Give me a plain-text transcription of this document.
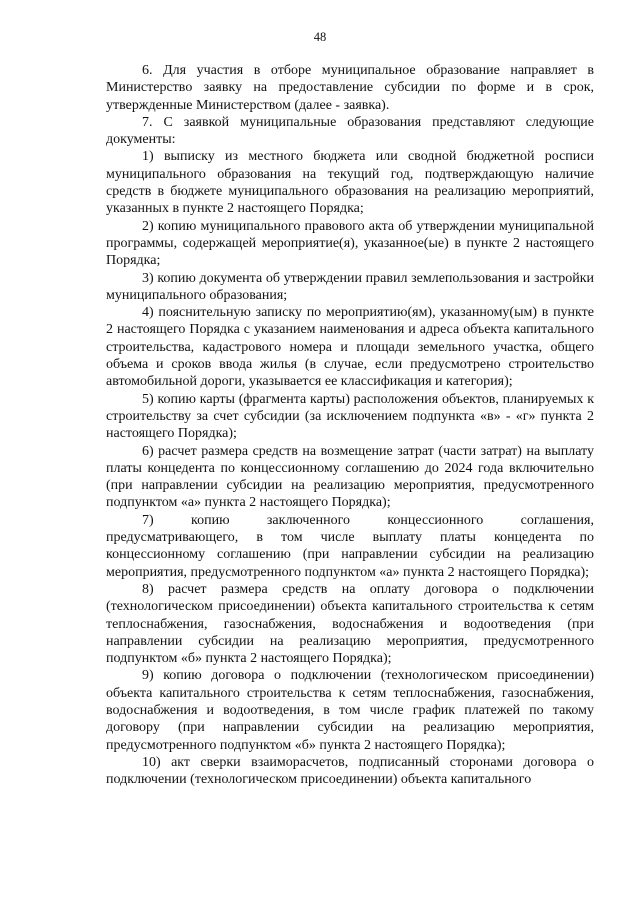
48

6. Для участия в отборе муниципальное образование направляет в Министерство заявку на предоставление субсидии по форме и в срок, утвержденные Министерством (далее - заявка).

7. С заявкой муниципальные образования представляют следующие документы:

1) выписку из местного бюджета или сводной бюджетной росписи муниципального образования на текущий год, подтверждающую наличие средств в бюджете муниципального образования на реализацию мероприятий, указанных в пункте 2 настоящего Порядка;

2) копию муниципального правового акта об утверждении муниципальной программы, содержащей мероприятие(я), указанное(ые) в пункте 2 настоящего Порядка;

3) копию документа об утверждении правил землепользования и застройки муниципального образования;

4) пояснительную записку по мероприятию(ям), указанному(ым) в пункте 2 настоящего Порядка с указанием наименования и адреса объекта капитального строительства, кадастрового номера и площади земельного участка, общего объема и сроков ввода жилья (в случае, если предусмотрено строительство автомобильной дороги, указывается ее классификация и категория);

5) копию карты (фрагмента карты) расположения объектов, планируемых к строительству за счет субсидии (за исключением подпункта «в» - «г» пункта 2 настоящего Порядка);

6) расчет размера средств на возмещение затрат (части затрат) на выплату платы концедента по концессионному соглашению до 2024 года включительно (при направлении субсидии на реализацию мероприятия, предусмотренного подпунктом «а» пункта 2 настоящего Порядка);

7) копию заключенного концессионного соглашения, предусматривающего, в том числе выплату платы концедента по концессионному соглашению (при направлении субсидии на реализацию мероприятия, предусмотренного подпунктом «а» пункта 2 настоящего Порядка);

8) расчет размера средств на оплату договора о подключении (технологическом присоединении) объекта капитального строительства к сетям теплоснабжения, газоснабжения, водоснабжения и водоотведения (при направлении субсидии на реализацию мероприятия, предусмотренного подпунктом «б» пункта 2 настоящего Порядка);

9) копию договора о подключении (технологическом присоединении) объекта капитального строительства к сетям теплоснабжения, газоснабжения, водоснабжения и водоотведения, в том числе график платежей по такому договору (при направлении субсидии на реализацию мероприятия, предусмотренного подпунктом «б» пункта 2 настоящего Порядка);

10) акт сверки взаиморасчетов, подписанный сторонами договора о подключении (технологическом присоединении) объекта капитального
